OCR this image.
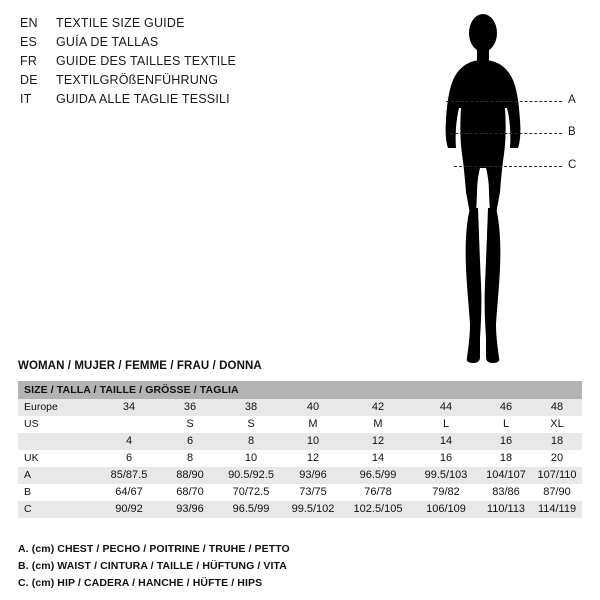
EN	TEXTILE SIZE GUIDE
ES	GUÍA DE TALLAS
FR	GUIDE DES TAILLES TEXTILE
DE	TEXTILGRÖßENFÜHRUNG
IT	GUIDA ALLE TAGLIE TESSILI	A
B
C
WOMAN / MUJER / FEMME / FRAU / DONNA
SIZE / TALLA / TAILLE / GRÖSSE / TAGLIA								
Europe	34	36	38	40	42	44	46	48
US		S	S	M	M	L	L	XL
	4	6	8	10	12	14	16	18
UK	6	8	10	12	14	16	18	20
A	85/87.5	88/90	90.5/92.5	93/96	96.5/99	99.5/103	104/107	107/110
B	64/67	68/70	70/72.5	73/75	76/78	79/82	83/86	87/90
C	90/92	93/96	96.5/99	99.5/102	102.5/105	106/109	110/113	114/119
A. (cm) CHEST / PECHO / POITRINE / TRUHE / PETTO
B. (cm) WAIST / CINTURA / TAILLE / HÜFTUNG / VITA
C. (cm) HIP / CADERA / HANCHE / HÜFTE / HIPS
